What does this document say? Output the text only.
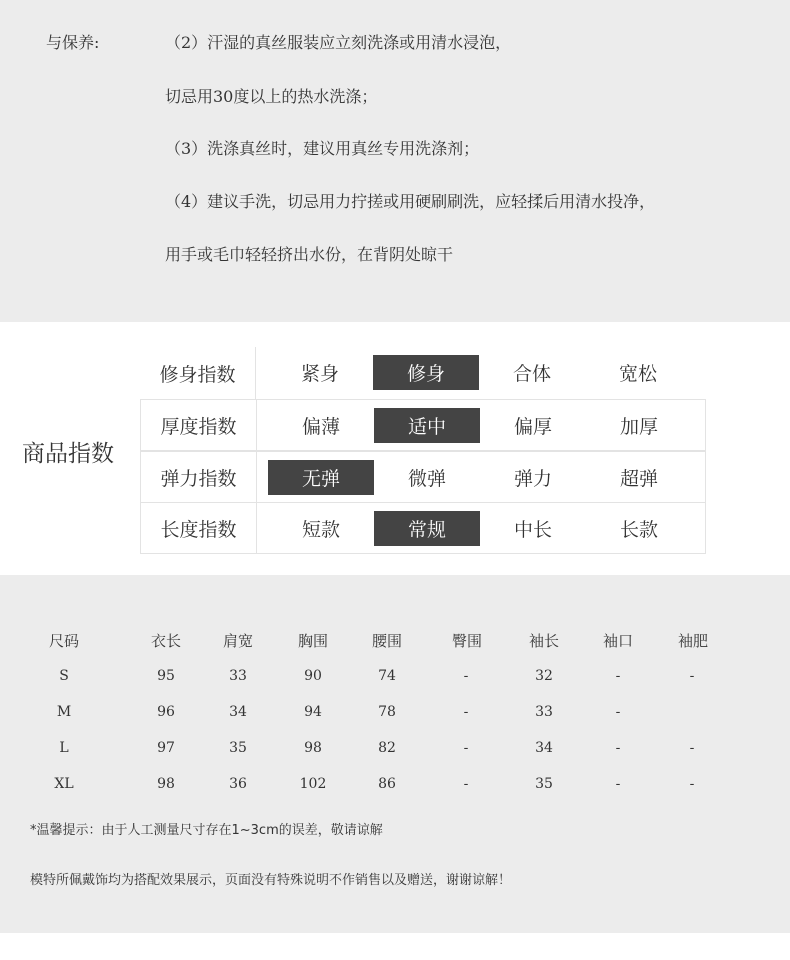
与保养:	（2）汗湿的真丝服装应立刻洗涤或用清水浸泡，
切忌用30度以上的热水洗涤；
（3）洗涤真丝时，建议用真丝专用洗涤剂；
（4）建议手洗，切忌用力拧搓或用硬刷刷洗，应轻揉后用清水投净，
用手或毛巾轻轻挤出水份，在背阴处晾干
商品指数
修身指数	紧身	修身	合体	宽松
厚度指数	偏薄	适中	偏厚	加厚
弹力指数	无弹	微弹	弹力	超弹
长度指数	短款	常规	中长	长款
尺码	衣长	肩宽	胸围	腰围	臀围	袖长	袖口	袖肥
S	95	33	90	74	-	32	-	-
M	96	34	94	78	-	33	-
L	97	35	98	82	-	34	-	-
XL	98	36	102	86	-	35	-	-
*温馨提示：由于人工测量尺寸存在1~3cm的误差，敬请谅解
模特所佩戴饰均为搭配效果展示，页面没有特殊说明不作销售以及赠送，谢谢谅解！
